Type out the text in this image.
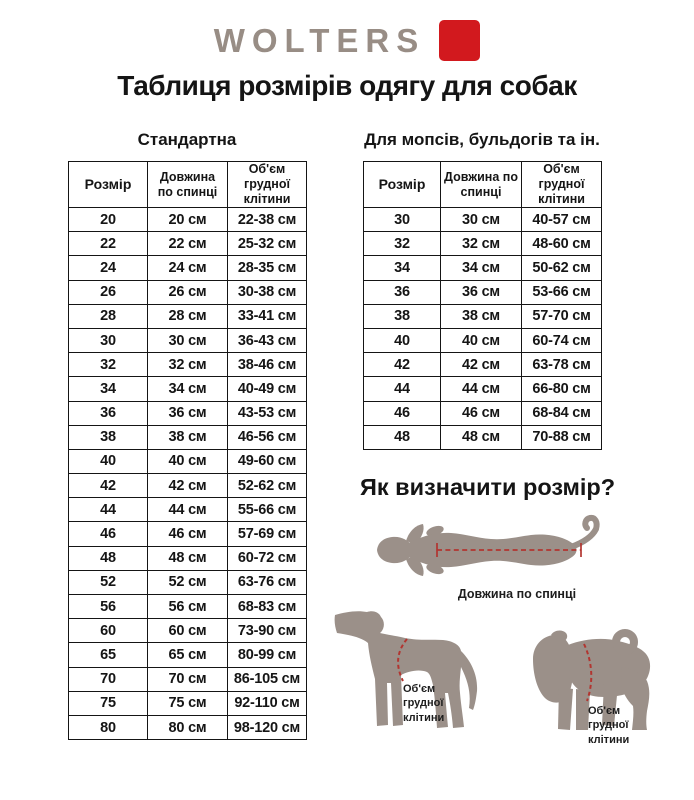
WOLTERS
Таблиця розмірів одягу для собак
Стандартна	Для мопсів, бульдогів та ін.
Розмір	Довжина по спинці	Об'єм грудної клітини
20	20 см	22-38 см
22	22 см	25-32 см
24	24 см	28-35 см
26	26 см	30-38 см
28	28 см	33-41 см
30	30 см	36-43 см
32	32 см	38-46 см
34	34 см	40-49 см
36	36 см	43-53 см
38	38 см	46-56 см
40	40 см	49-60 см
42	42 см	52-62 см
44	44 см	55-66 см
46	46 см	57-69 см
48	48 см	60-72 см
52	52 см	63-76 см
56	56 см	68-83 см
60	60 см	73-90 см
65	65 см	80-99 см
70	70 см	86-105 см
75	75 см	92-110 см
80	80 см	98-120 см
Розмір	Довжина по спинці	Об'єм грудної клітини
30	30 см	40-57 см
32	32 см	48-60 см
34	34 см	50-62 см
36	36 см	53-66 см
38	38 см	57-70 см
40	40 см	60-74 см
42	42 см	63-78 см
44	44 см	66-80 см
46	46 см	68-84 см
48	48 см	70-88 см
Як визначити розмір?
Довжина по спинці
Об'єм
грудної
клітини
Об'єм
грудної
клітини
